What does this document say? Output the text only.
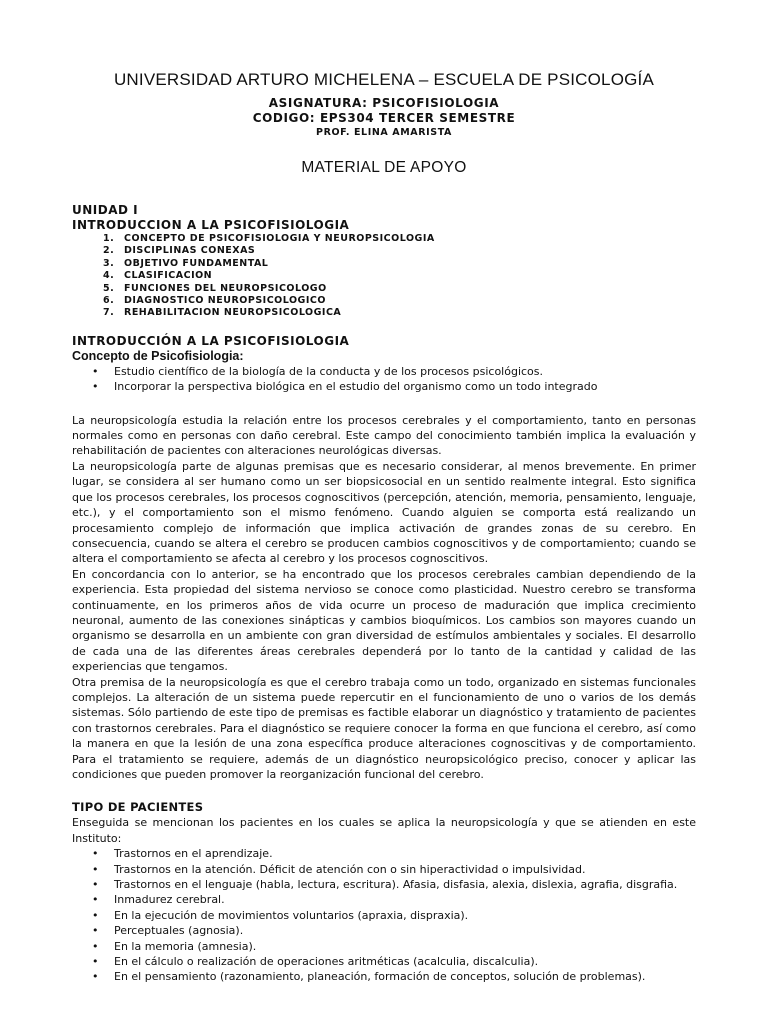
UNIVERSIDAD ARTURO MICHELENA – ESCUELA DE PSICOLOGÍA

ASIGNATURA: PSICOFISIOLOGIA

CODIGO: EPS304 TERCER SEMESTRE

PROF. ELINA AMARISTA

MATERIAL DE APOYO

UNIDAD I

INTRODUCCION A LA PSICOFISIOLOGIA

1. CONCEPTO DE PSICOFISIOLOGIA Y NEUROPSICOLOGIA
2. DISCIPLINAS CONEXAS
3. OBJETIVO FUNDAMENTAL
4. CLASIFICACION
5. FUNCIONES DEL NEUROPSICOLOGO
6. DIAGNOSTICO NEUROPSICOLOGICO
7. REHABILITACION NEUROPSICOLOGICA

INTRODUCCIÓN A LA PSICOFISIOLOGIA

Concepto de Psicofisiologia:

• Estudio científico de la biología de la conducta y de los procesos psicológicos.
• Incorporar la perspectiva biológica en el estudio del organismo como un todo integrado

La neuropsicología estudia la relación entre los procesos cerebrales y el comportamiento, tanto en personas normales como en personas con daño cerebral. Este campo del conocimiento también implica la evaluación y rehabilitación de pacientes con alteraciones neurológicas diversas.

La neuropsicología parte de algunas premisas que es necesario considerar, al menos brevemente. En primer lugar, se considera al ser humano como un ser biopsicosocial en un sentido realmente integral. Esto significa que los procesos cerebrales, los procesos cognoscitivos (percepción, atención, memoria, pensamiento, lenguaje, etc.), y el comportamiento son el mismo fenómeno. Cuando alguien se comporta está realizando un procesamiento complejo de información que implica activación de grandes zonas de su cerebro. En consecuencia, cuando se altera el cerebro se producen cambios cognoscitivos y de comportamiento; cuando se altera el comportamiento se afecta al cerebro y los procesos cognoscitivos.

En concordancia con lo anterior, se ha encontrado que los procesos cerebrales cambian dependiendo de la experiencia. Esta propiedad del sistema nervioso se conoce como plasticidad. Nuestro cerebro se transforma continuamente, en los primeros años de vida ocurre un proceso de maduración que implica crecimiento neuronal, aumento de las conexiones sinápticas y cambios bioquímicos. Los cambios son mayores cuando un organismo se desarrolla en un ambiente con gran diversidad de estímulos ambientales y sociales. El desarrollo de cada una de las diferentes áreas cerebrales dependerá por lo tanto de la cantidad y calidad de las experiencias que tengamos.

Otra premisa de la neuropsicología es que el cerebro trabaja como un todo, organizado en sistemas funcionales complejos. La alteración de un sistema puede repercutir en el funcionamiento de uno o varios de los demás sistemas. Sólo partiendo de este tipo de premisas es factible elaborar un diagnóstico y tratamiento de pacientes con trastornos cerebrales. Para el diagnóstico se requiere conocer la forma en que funciona el cerebro, así como la manera en que la lesión de una zona específica produce alteraciones cognoscitivas y de comportamiento. Para el tratamiento se requiere, además de un diagnóstico neuropsicológico preciso, conocer y aplicar las condiciones que pueden promover la reorganización funcional del cerebro.

TIPO DE PACIENTES

Enseguida se mencionan los pacientes en los cuales se aplica la neuropsicología y que se atienden en este Instituto:

• Trastornos en el aprendizaje.
• Trastornos en la atención. Déficit de atención con o sin hiperactividad o impulsividad.
• Trastornos en el lenguaje (habla, lectura, escritura). Afasia, disfasia, alexia, dislexia, agrafia, disgrafia.
• Inmadurez cerebral.
• En la ejecución de movimientos voluntarios (apraxia, dispraxia).
• Perceptuales (agnosia).
• En la memoria (amnesia).
• En el cálculo o realización de operaciones aritméticas (acalculia, discalculia).
• En el pensamiento (razonamiento, planeación, formación de conceptos, solución de problemas).
